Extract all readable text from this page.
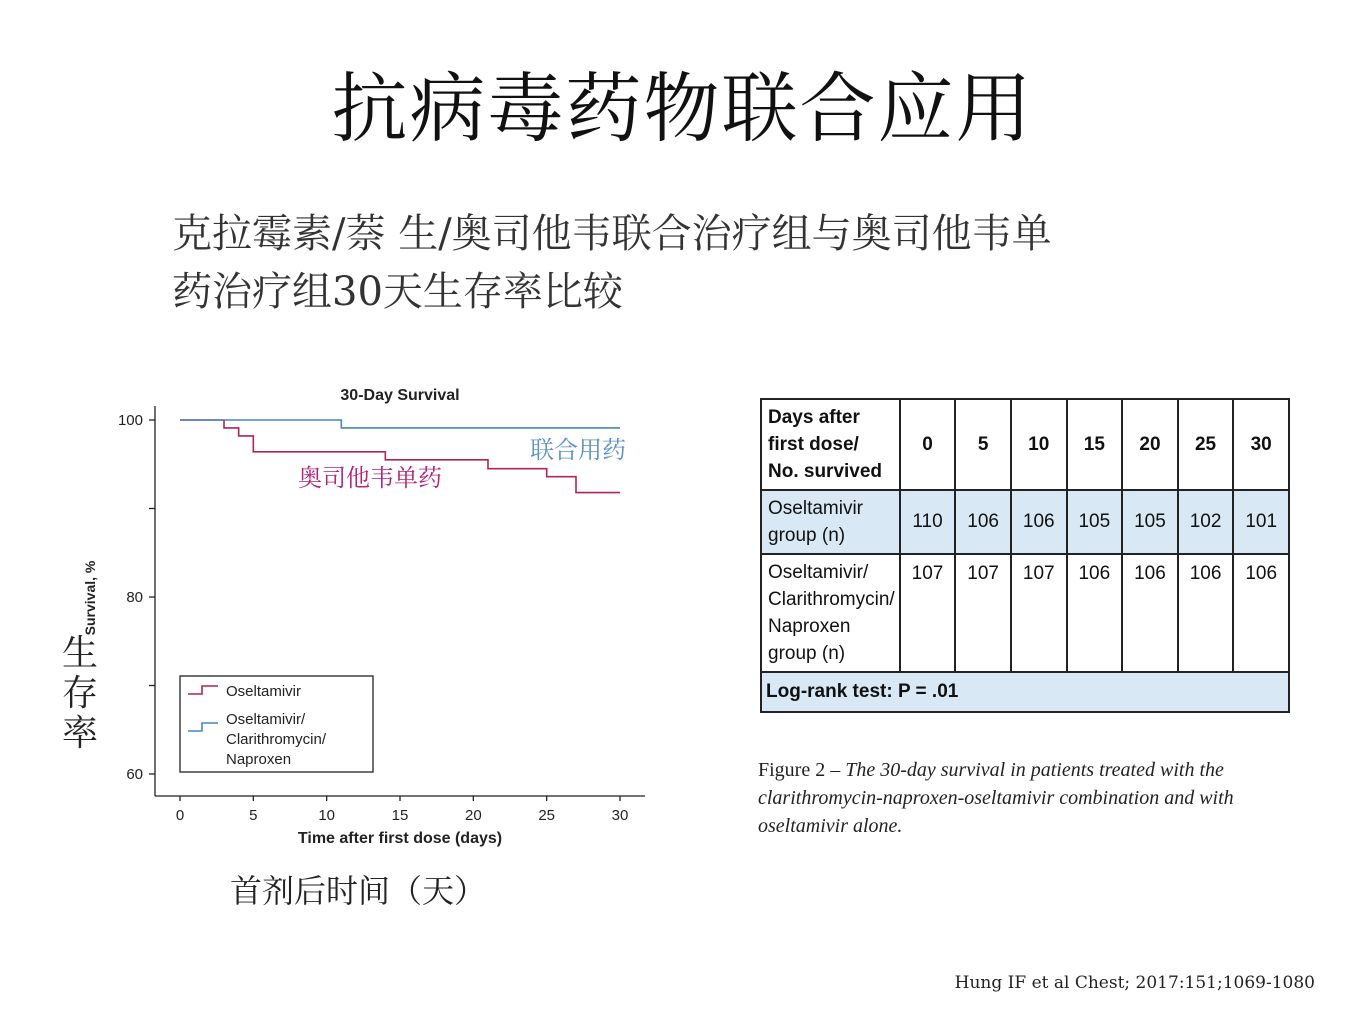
抗病毒药物联合应用
克拉霉素/萘 生/奥司他韦联合治疗组与奥司他韦单
药治疗组30天生存率比较
30-Day Survival
60
80
100
0	5	10	15	20	25	30
Time after first dose (days)
Survival, %
Oseltamivir
Oseltamivir/
Clarithromycin/
Naproxen
联合用药
奥司他韦单药
生
存
率
首剂后时间（天）
Days after
first dose/
No. survived	0	5	10	15	20	25	30

Oseltamivir
group (n)	110	106	106	105	105	102	101

Oseltamivir/
Clarithromycin/
Naproxen
group (n)	107	107	107	106	106	106	106
Log-rank test: P = .01							
Figure 2 – The 30-day survival in patients treated with the clarithromycin-naproxen-oseltamivir combination and with oseltamivir alone.
Hung IF et al Chest; 2017:151;1069-1080
